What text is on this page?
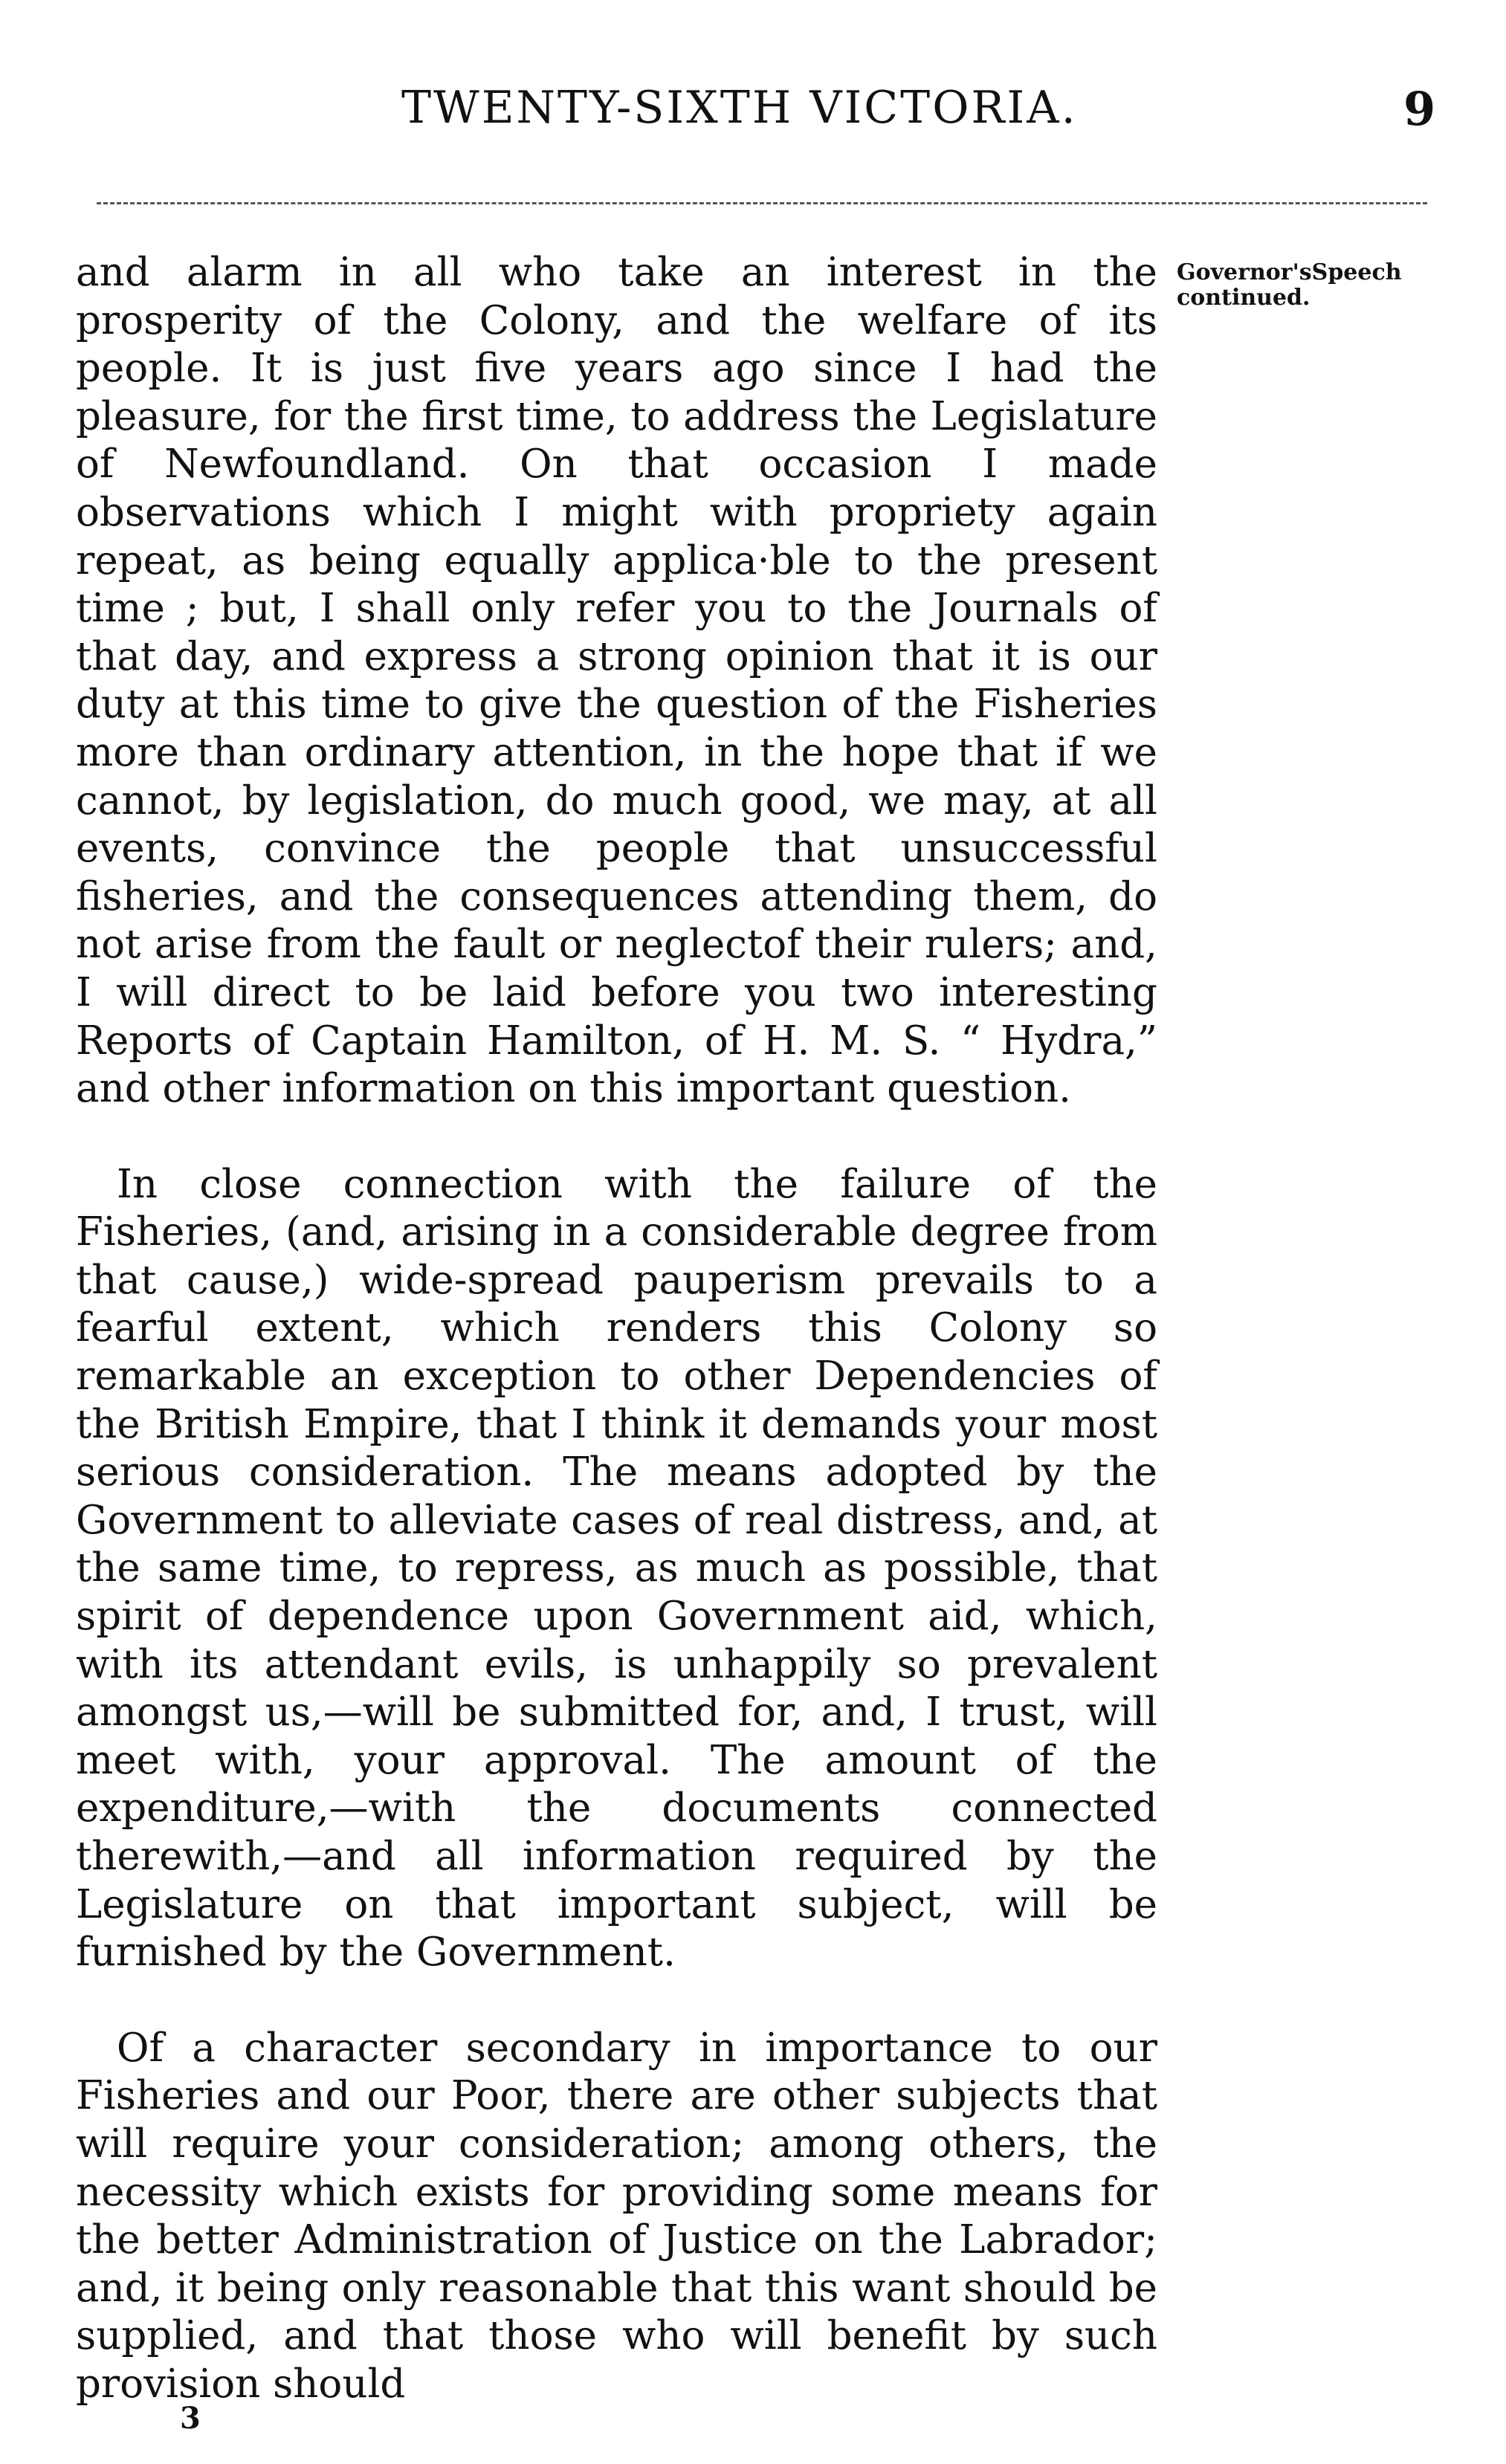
TWENTY-SIXTH VICTORIA.	9

and alarm in all who take an interest in the prosperity of the Colony, and the welfare of its people. It is just five years ago since I had the pleasure, for the first time, to address the Legislature of Newfoundland. On that occasion I made observations which I might with propriety again repeat, as being equally applica·ble to the present time ; but, I shall only refer you to the Journals of that day, and express a strong opinion that it is our duty at this time to give the question of the Fisheries more than ordinary attention, in the hope that if we cannot, by legislation, do much good, we may, at all events, convince the people that unsuccessful fisheries, and the consequences attending them, do not arise from the fault or neglectof their rulers; and, I will direct to be laid before you two interesting Reports of Captain Hamilton, of H. M. S. “ Hydra,” and other information on this important question.

In close connection with the failure of the Fisheries, (and, arising in a considerable degree from that cause,) wide-spread pauperism prevails to a fearful extent, which renders this Colony so remarkable an exception to other Dependencies of the British Empire, that I think it demands your most serious consideration. The means adopted by the Government to alleviate cases of real distress, and, at the same time, to repress, as much as possible, that spirit of dependence upon Government aid, which, with its attendant evils, is unhappily so prevalent amongst us,—will be submitted for, and, I trust, will meet with, your approval. The amount of the expenditure,—with the documents connected therewith,—and all information required by the Legislature on that important subject, will be furnished by the Government.

Of a character secondary in importance to our Fisheries and our Poor, there are other subjects that will require your consideration; among others, the necessity which exists for providing some means for the better Administration of Justice on the Labrador; and, it being only reasonable that this want should be supplied, and that those who will benefit by such provision should

Governor'sSpeech continued.
3
